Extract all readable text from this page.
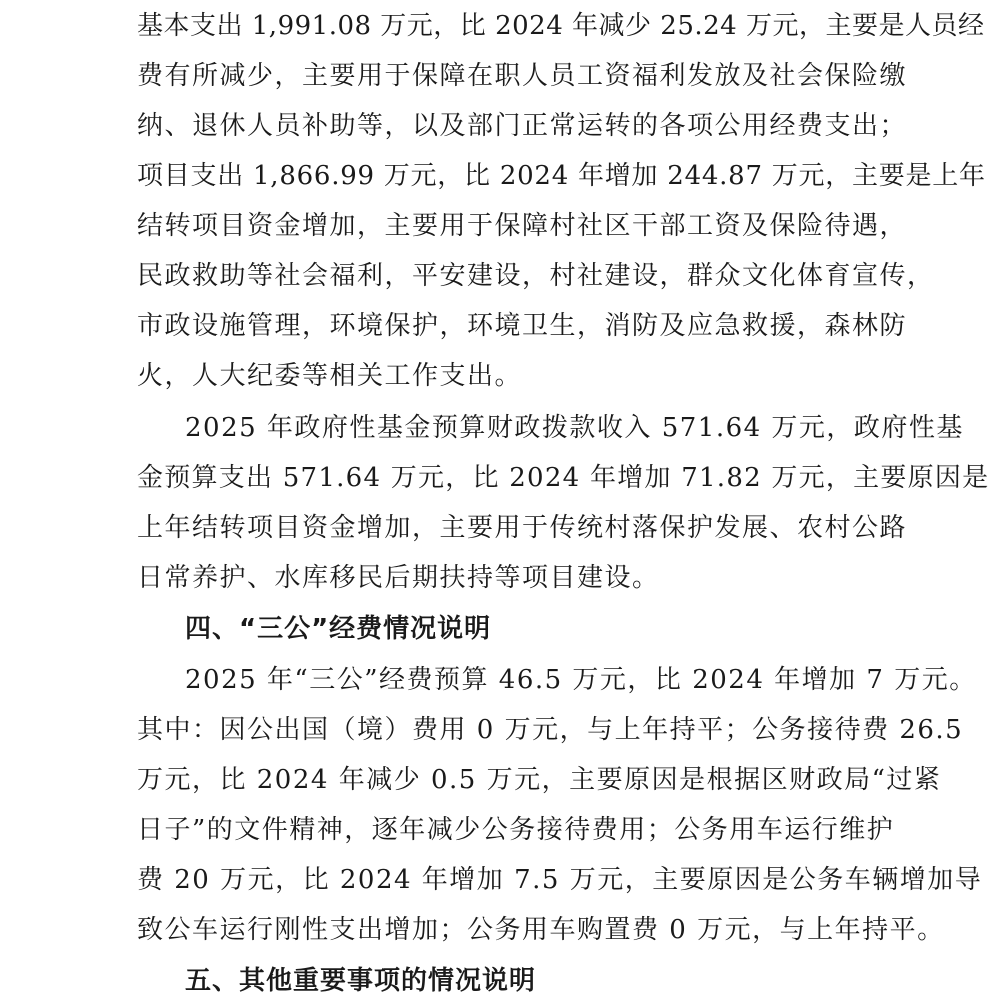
基本支出 1,991.08 万元，比 2024 年减少 25.24 万元，主要是人员经
费有所减少，主要用于保障在职人员工资福利发放及社会保险缴
纳、退休人员补助等，以及部门正常运转的各项公用经费支出；
项目支出 1,866.99 万元，比 2024 年增加 244.87 万元，主要是上年
结转项目资金增加，主要用于保障村社区干部工资及保险待遇，
民政救助等社会福利，平安建设，村社建设，群众文化体育宣传，
市政设施管理，环境保护，环境卫生，消防及应急救援，森林防
火，人大纪委等相关工作支出。
2025 年政府性基金预算财政拨款收入 571.64 万元，政府性基
金预算支出 571.64 万元，比 2024 年增加 71.82 万元，主要原因是
上年结转项目资金增加，主要用于传统村落保护发展、农村公路
日常养护、水库移民后期扶持等项目建设。
四、“三公”经费情况说明
2025 年“三公”经费预算 46.5 万元，比 2024 年增加 7 万元。
其中：因公出国（境）费用 0 万元，与上年持平；公务接待费 26.5
万元，比 2024 年减少 0.5 万元，主要原因是根据区财政局“过紧
日子”的文件精神，逐年减少公务接待费用；公务用车运行维护
费 20 万元，比 2024 年增加 7.5 万元，主要原因是公务车辆增加导
致公车运行刚性支出增加；公务用车购置费 0 万元，与上年持平。
五、其他重要事项的情况说明
